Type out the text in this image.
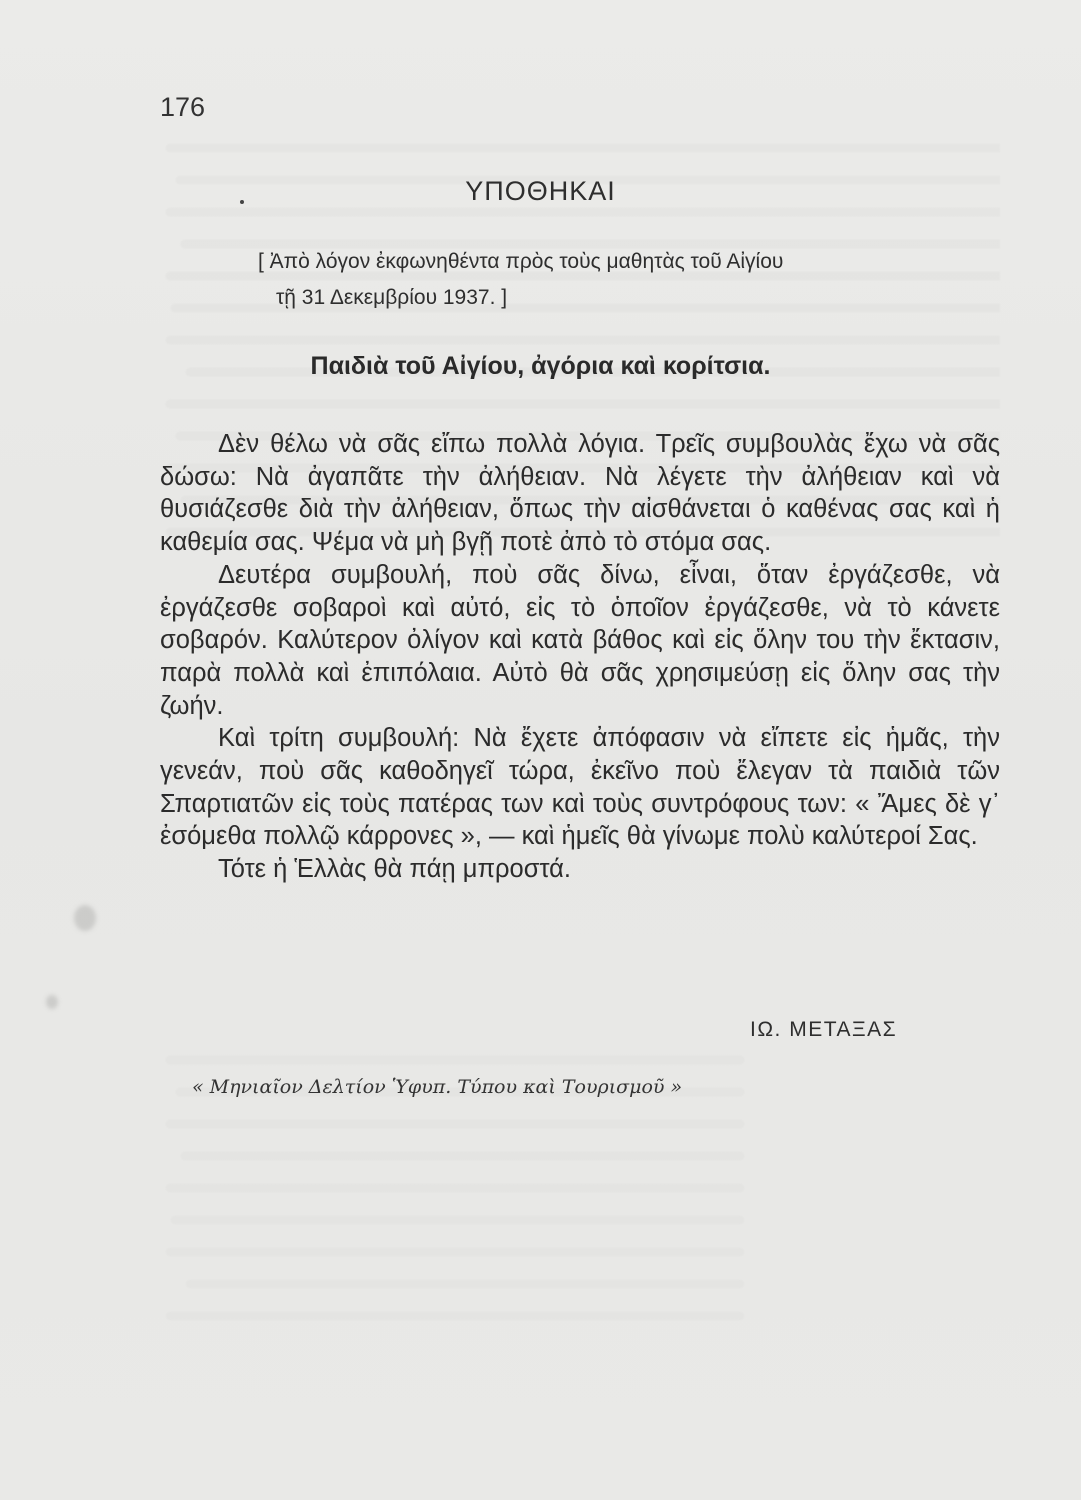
176
ΥΠΟΘΗΚΑΙ
[ Ἀπὸ λόγον ἐκφωνηθέντα πρὸς τοὺς μαθητὰς τοῦ Αἰγίου
τῇ 31 Δεκεμβρίου 1937. ]
Παιδιὰ τοῦ Αἰγίου, ἀγόρια καὶ κορίτσια.

Δὲν θέλω νὰ σᾶς εἴπω πολλὰ λόγια. Τρεῖς συμβουλὰς ἔχω νὰ σᾶς δώσω: Νὰ ἀγαπᾶτε τὴν ἀλήθειαν. Νὰ λέγετε τὴν ἀλήθειαν καὶ νὰ θυσιάζεσθε διὰ τὴν ἀλήθειαν, ὅπως τὴν αἰσθάνεται ὁ καθένας σας καὶ ἡ καθεμία σας. Ψέμα νὰ μὴ βγῇ ποτὲ ἀπὸ τὸ στόμα σας.

Δευτέρα συμβουλή, ποὺ σᾶς δίνω, εἶναι, ὅταν ἐργάζεσθε, νὰ ἐργάζεσθε σοβαροὶ καὶ αὐτό, εἰς τὸ ὁποῖον ἐργάζεσθε, νὰ τὸ κάνετε σοβαρόν. Καλύτερον ὀλίγον καὶ κατὰ βάθος καὶ εἰς ὅλην του τὴν ἔκτασιν, παρὰ πολλὰ καὶ ἐπιπόλαια. Αὐτὸ θὰ σᾶς χρησιμεύσῃ εἰς ὅλην σας τὴν ζωήν.

Καὶ τρίτη συμβουλή: Νὰ ἔχετε ἀπόφασιν νὰ εἴπετε εἰς ἡμᾶς, τὴν γενεάν, ποὺ σᾶς καθοδηγεῖ τώρα, ἐκεῖνο ποὺ ἔλεγαν τὰ παιδιὰ τῶν Σπαρτιατῶν εἰς τοὺς πατέρας των καὶ τοὺς συντρόφους των: « Ἄμες δὲ γ᾽ ἐσόμεθα πολλῷ κάρρονες », — καὶ ἡμεῖς θὰ γίνωμε πολὺ καλύτεροί Σας.

Τότε ἡ Ἑλλὰς θὰ πάῃ μπροστά.

ΙΩ. ΜΕΤΑΞΑΣ
« Μηνιαῖον Δελτίον Ὑφυπ. Τύπου καὶ Τουρισμοῦ »
